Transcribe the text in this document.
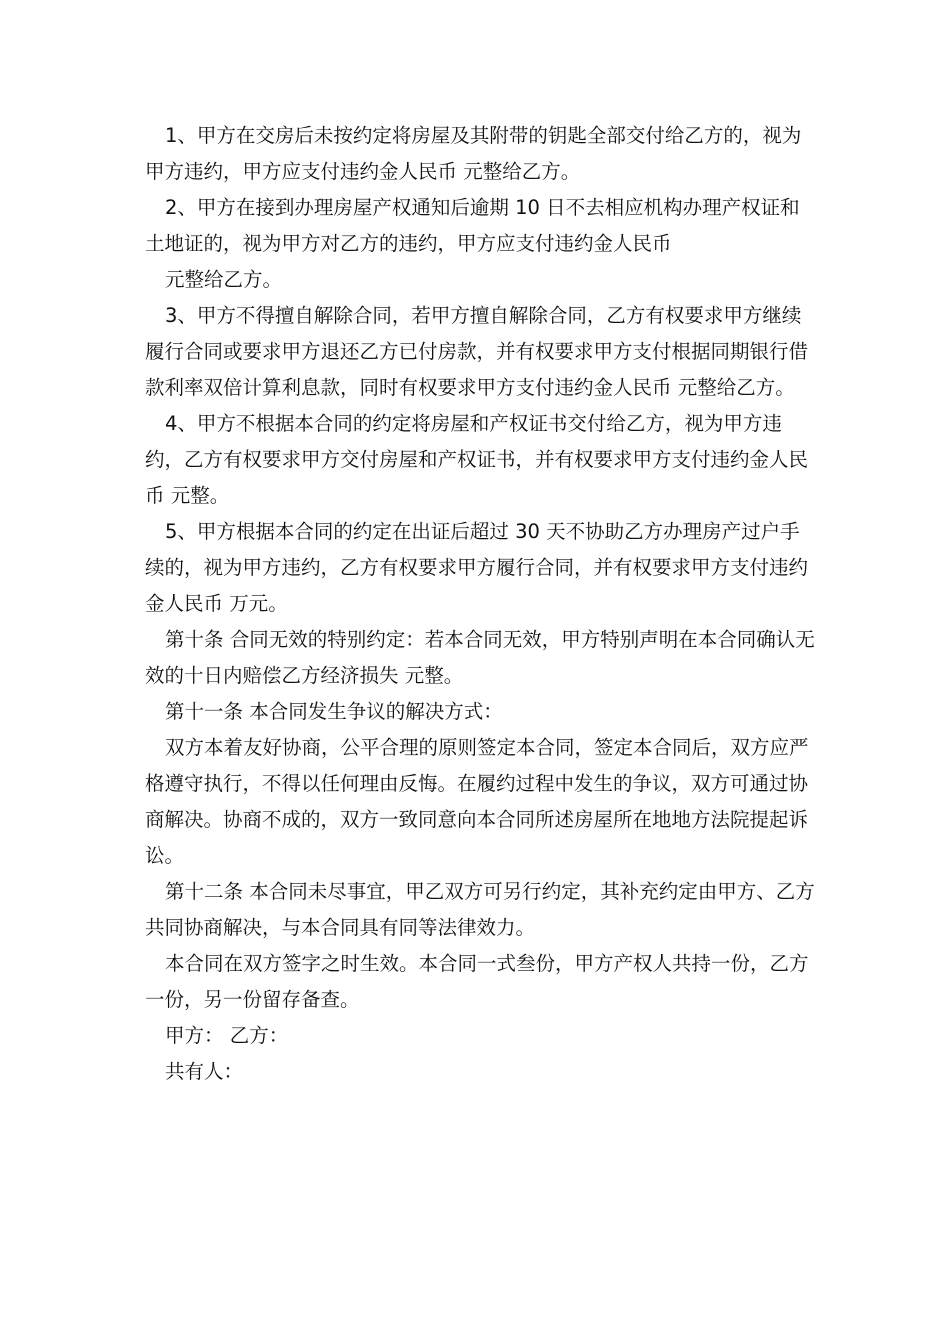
1、甲方在交房后未按约定将房屋及其附带的钥匙全部交付给乙方的，视为甲方违约，甲方应支付违约金人民币 元整给乙方。

2、甲方在接到办理房屋产权通知后逾期 10 日不去相应机构办理产权证和土地证的，视为甲方对乙方的违约，甲方应支付违约金人民币

元整给乙方。

3、甲方不得擅自解除合同，若甲方擅自解除合同，乙方有权要求甲方继续履行合同或要求甲方退还乙方已付房款，并有权要求甲方支付根据同期银行借款利率双倍计算利息款，同时有权要求甲方支付违约金人民币 元整给乙方。

4、甲方不根据本合同的约定将房屋和产权证书交付给乙方，视为甲方违约，乙方有权要求甲方交付房屋和产权证书，并有权要求甲方支付违约金人民币 元整。

5、甲方根据本合同的约定在出证后超过 30 天不协助乙方办理房产过户手续的，视为甲方违约，乙方有权要求甲方履行合同，并有权要求甲方支付违约金人民币 万元。

第十条 合同无效的特别约定：若本合同无效，甲方特别声明在本合同确认无效的十日内赔偿乙方经济损失 元整。

第十一条 本合同发生争议的解决方式：

双方本着友好协商，公平合理的原则签定本合同，签定本合同后，双方应严格遵守执行，不得以任何理由反悔。在履约过程中发生的争议，双方可通过协商解决。协商不成的，双方一致同意向本合同所述房屋所在地地方法院提起诉讼。

第十二条 本合同未尽事宜，甲乙双方可另行约定，其补充约定由甲方、乙方共同协商解决，与本合同具有同等法律效力。

本合同在双方签字之时生效。本合同一式叁份，甲方产权人共持一份，乙方一份，另一份留存备查。

甲方： 乙方：

共有人：
